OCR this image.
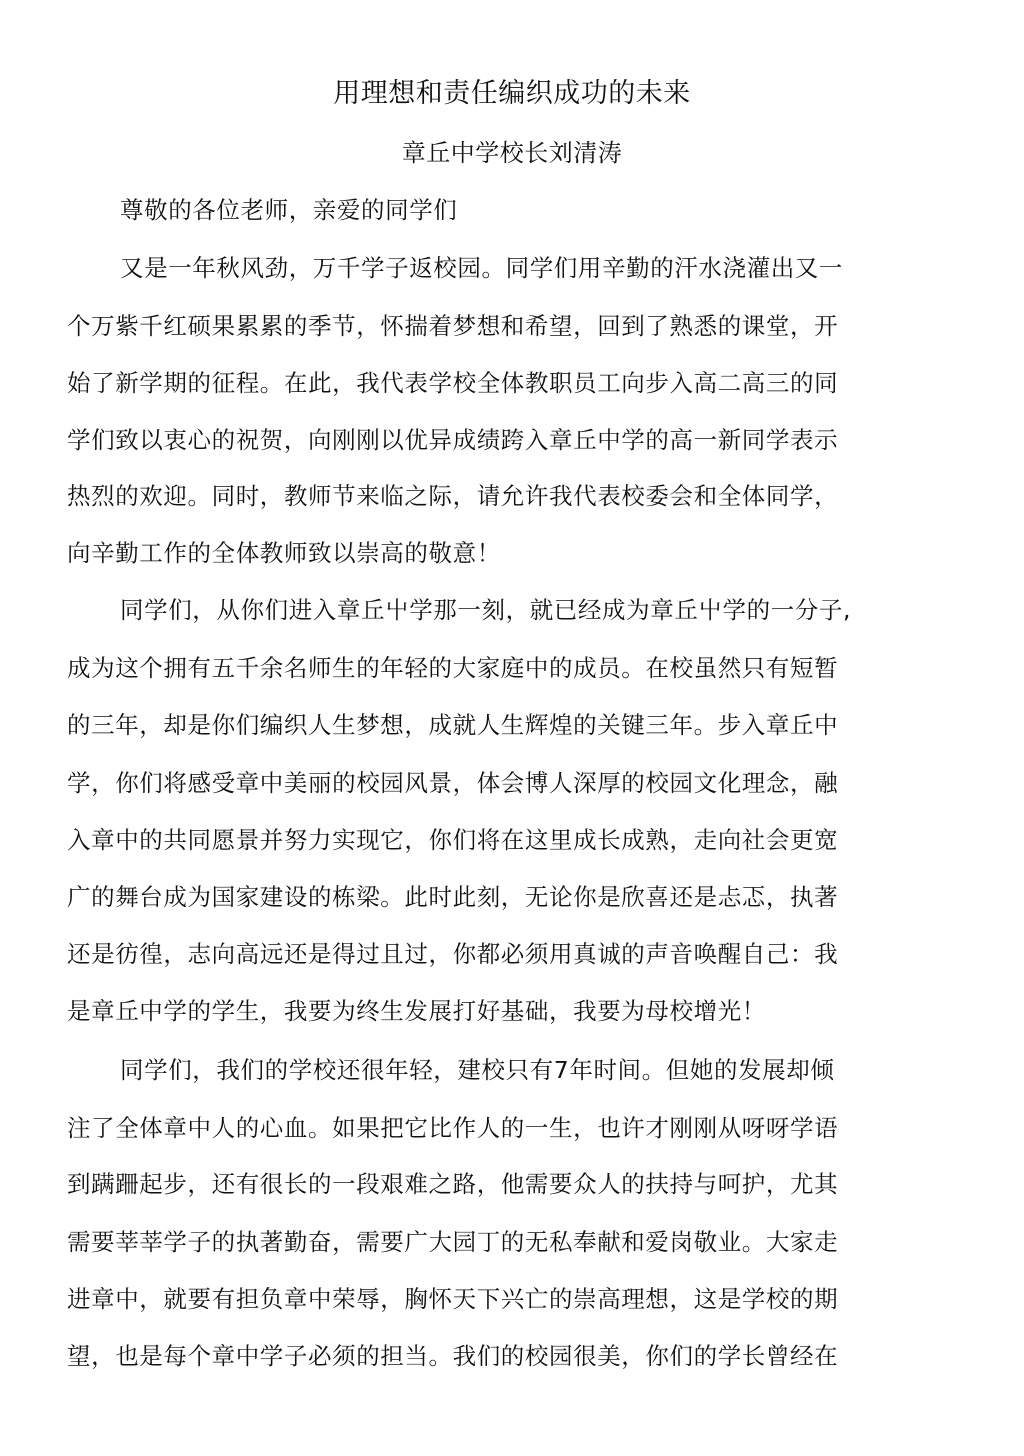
用理想和责任编织成功的未来
章丘中学校长刘清涛
尊敬的各位老师，亲爱的同学们
又是一年秋风劲，万千学子返校园。同学们用辛勤的汗水浇灌出又一
个万紫千红硕果累累的季节，怀揣着梦想和希望，回到了熟悉的课堂，开
始了新学期的征程。在此，我代表学校全体教职员工向步入高二高三的同
学们致以衷心的祝贺，向刚刚以优异成绩跨入章丘中学的高一新同学表示
热烈的欢迎。同时，教师节来临之际，请允许我代表校委会和全体同学，
向辛勤工作的全体教师致以崇高的敬意！
同学们，从你们进入章丘屮学那一刻，就已经成为章丘屮学的一分子,
成为这个拥有五千余名师生的年轻的大家庭中的成员。在校虽然只有短暂
的三年，却是你们编织人生梦想，成就人生辉煌的关键三年。步入章丘中
学，你们将感受章中美丽的校园风景，体会博人深厚的校园文化理念，融
入章中的共同愿景并努力实现它，你们将在这里成长成熟，走向社会更宽
广的舞台成为国家建设的栋梁。此时此刻，无论你是欣喜还是忐忑，执著
还是彷徨，志向高远还是得过且过，你都必须用真诚的声音唤醒自己：我
是章丘中学的学生，我要为终生发展打好基础，我要为母校增光！
同学们，我们的学校还很年轻，建校只有7年时间。但她的发展却倾
注了全体章中人的心血。如果把它比作人的一生，也许才刚刚从呀呀学语
到蹒跚起步，还有很长的一段艰难之路，他需要众人的扶持与呵护，尤其
需要莘莘学子的执著勤奋，需要广大园丁的无私奉献和爱岗敬业。大家走
进章中，就要有担负章中荣辱，胸怀天下兴亡的崇高理想，这是学校的期
望，也是每个章中学子必须的担当。我们的校园很美，你们的学长曾经在
